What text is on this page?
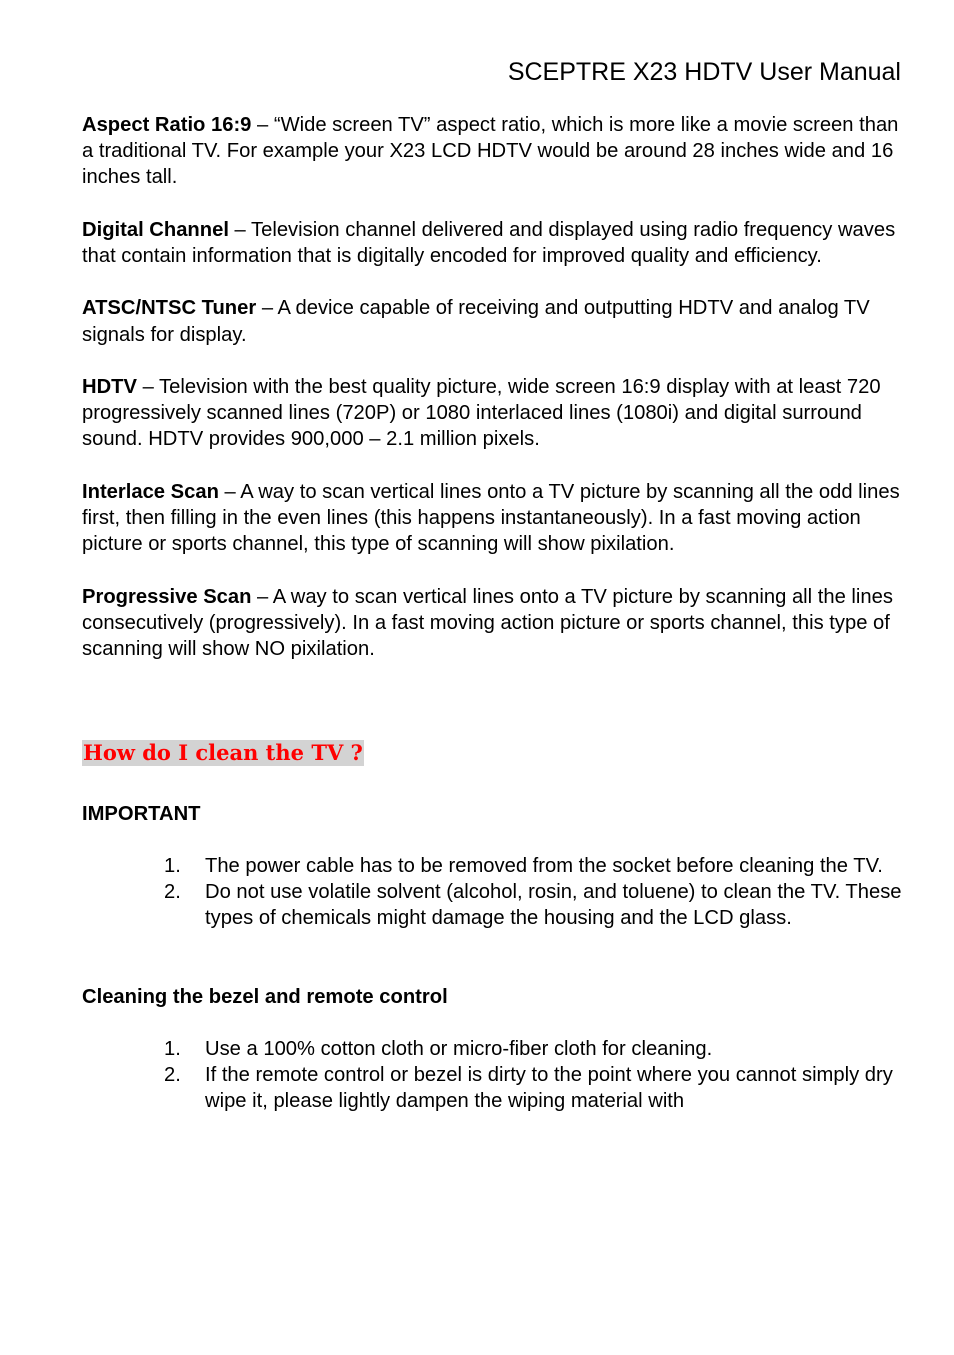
SCEPTRE X23 HDTV User Manual

Aspect Ratio 16:9 – “Wide screen TV” aspect ratio, which is more like a movie screen than a traditional TV. For example your X23 LCD HDTV would be around 28 inches wide and 16 inches tall.

Digital Channel – Television channel delivered and displayed using radio frequency waves that contain information that is digitally encoded for improved quality and efficiency.

ATSC/NTSC Tuner – A device capable of receiving and outputting HDTV and analog TV signals for display.

HDTV – Television with the best quality picture, wide screen 16:9 display with at least 720 progressively scanned lines (720P) or 1080 interlaced lines (1080i) and digital surround sound. HDTV provides 900,000 – 2.1 million pixels.

Interlace Scan – A way to scan vertical lines onto a TV picture by scanning all the odd lines first, then filling in the even lines (this happens instantaneously). In a fast moving action picture or sports channel, this type of scanning will show pixilation.

Progressive Scan – A way to scan vertical lines onto a TV picture by scanning all the lines consecutively (progressively). In a fast moving action picture or sports channel, this type of scanning will show NO pixilation.

How do I clean the TV ?
IMPORTANT
1. The power cable has to be removed from the socket before cleaning the TV.
2. Do not use volatile solvent (alcohol, rosin, and toluene) to clean the TV. These types of chemicals might damage the housing and the LCD glass.
Cleaning the bezel and remote control
1. Use a 100% cotton cloth or micro-fiber cloth for cleaning.
2. If the remote control or bezel is dirty to the point where you cannot simply dry wipe it, please lightly dampen the wiping material with
